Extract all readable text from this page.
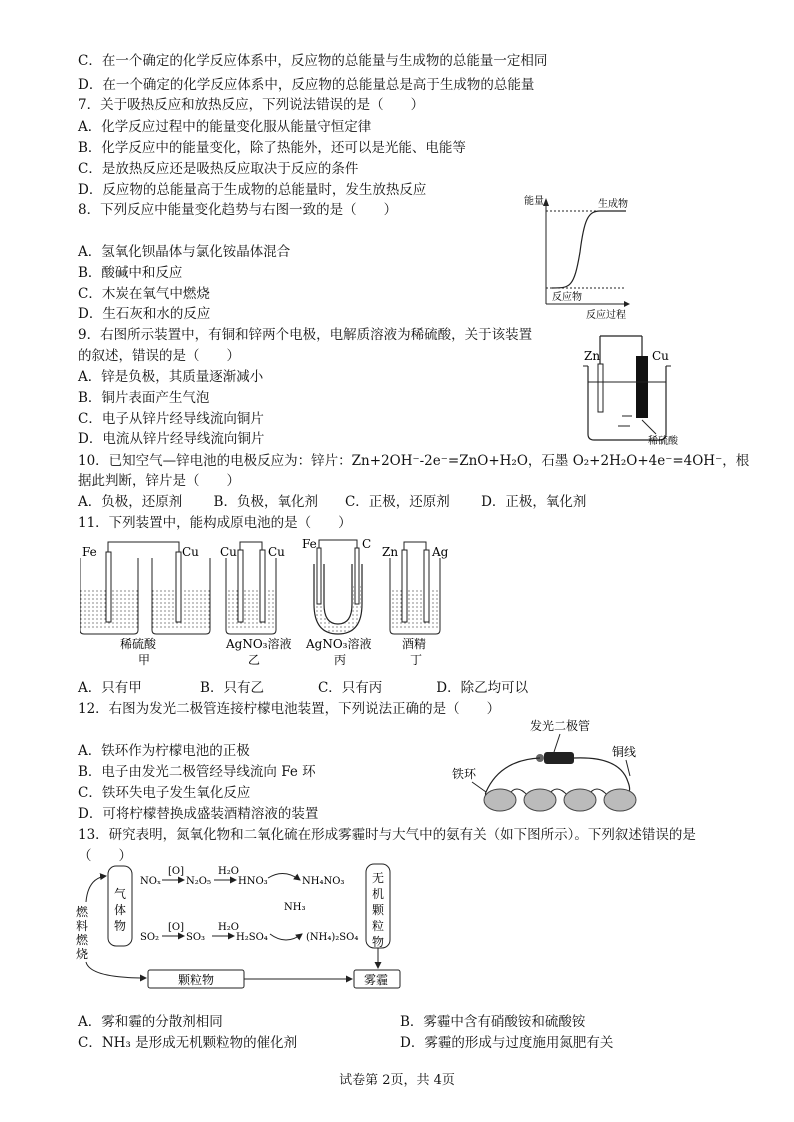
C．在一个确定的化学反应体系中，反应物的总能量与生成物的总能量一定相同
D．在一个确定的化学反应体系中，反应物的总能量总是高于生成物的总能量
7．关于吸热反应和放热反应，下列说法错误的是（　　）
A．化学反应过程中的能量变化服从能量守恒定律
B．化学反应中的能量变化，除了热能外，还可以是光能、电能等
C．是放热反应还是吸热反应取决于反应的条件
D．反应物的总能量高于生成物的总能量时，发生放热反应
8．下列反应中能量变化趋势与右图一致的是（　　）
A．氢氧化钡晶体与氯化铵晶体混合
B．酸碱中和反应
C．木炭在氧气中燃烧
D．生石灰和水的反应
9．右图所示装置中，有铜和锌两个电极，电解质溶液为稀硫酸，关于该装置
的叙述，错误的是（　　）
A．锌是负极，其质量逐渐减小
B．铜片表面产生气泡
C．电子从锌片经导线流向铜片
D．电流从锌片经导线流向铜片
10．已知空气—锌电池的电极反应为：锌片：Zn+2OH⁻-2e⁻=ZnO+H₂O，石墨 O₂+2H₂O+4e⁻=4OH⁻，根
据此判断，锌片是（　　）
A．负极，还原剂　　 B．负极，氧化剂　　C．正极，还原剂　　 D．正极，氧化剂
11．下列装置中，能构成原电池的是（　　）
A．只有甲　　　　 B．只有乙　　　　C．只有丙　　　　D．除乙均可以
12．右图为发光二极管连接柠檬电池装置，下列说法正确的是（　　）
A．铁环作为柠檬电池的正极
B．电子由发光二极管经导线流向 Fe 环
C．铁环失电子发生氧化反应
D．可将柠檬替换成盛装酒精溶液的装置
13．研究表明，氮氧化物和二氧化硫在形成雾霾时与大气中的氨有关（如下图所示）。下列叙述错误的是
（　　）
A．雾和霾的分散剂相同	B．雾霾中含有硝酸铵和硫酸铵
C．NH₃ 是形成无机颗粒物的催化剂	D．雾霾的形成与过度施用氮肥有关
能量	生成物
反应物
反应过程
Zn	Cu
稀硫酸
Fe	Cu
稀硫酸
甲
Cu	Cu
AgNO₃溶液
乙
Fe	C
AgNO₃溶液
丙
Zn	Ag
酒精
丁
发光二极管
铜线
铁环
气
体
物
无
机
颗
粒
物
燃
料
燃
烧
颗粒物	雾霾
NOₓ
[O]
N₂O₅
H₂O
HNO₃	NH₄NO₃
NH₃
SO₂
[O]
SO₃
H₂O
H₂SO₄	(NH₄)₂SO₄
试卷第 2页，共 4页
